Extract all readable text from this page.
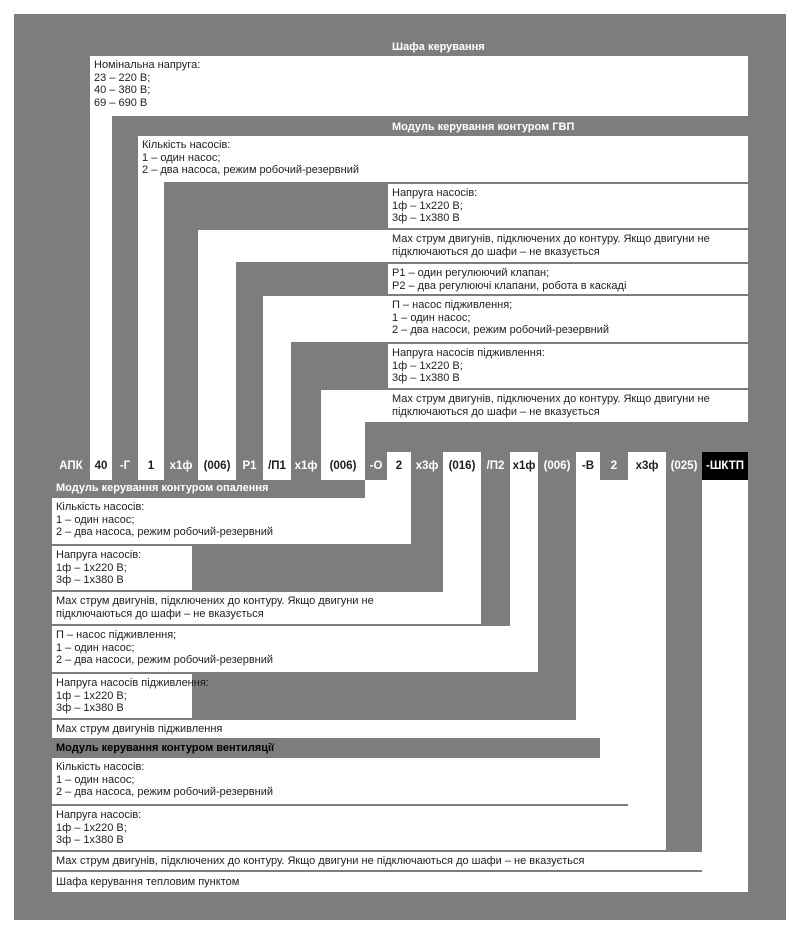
Шафа керування
Номінальна напруга:
23 – 220 В;
40 – 380 В;
69 – 690 В
Модуль керування контуром ГВП
Кількість насосів:
1 – один насос;
2 – два насоса, режим робочий-резервний
Напруга насосів:
1ф – 1х220 В;
3ф – 1х380 В
Мах струм двигунів, підключених до контуру. Якщо двигуни не
підключаються до шафи – не вказується
Р1 – один регулюючий клапан;
Р2 – два регулюючі клапани, робота в каскаді
П – насос підживлення;
1 – один насос;
2 – два насоси, режим робочий-резервний
Напруга насосів підживлення:
1ф – 1х220 В;
3ф – 1х380 В
Мах струм двигунів, підключених до контуру. Якщо двигуни не
підключаються до шафи – не вказується
АПК	40	-Г	1	х1ф (006)	Р1	/П1 х1ф	(006)	-О	2	х3ф (016) /П2 х1ф (006)	-В	2	х3ф	(025) -ШКТП
Модуль керування контуром опалення
Кількість насосів:
1 – один насос;
2 – два насоса, режим робочий-резервний
Напруга насосів:
1ф – 1х220 В;
3ф – 1х380 В
Мах струм двигунів, підключених до контуру. Якщо двигуни не
підключаються до шафи – не вказується
П – насос підживлення;
1 – один насос;
2 – два насоси, режим робочий-резервний
Напруга насосів підживлення:
1ф – 1х220 В;
3ф – 1х380 В
Мах струм двигунів підживлення
Модуль керування контуром вентиляції
Кількість насосів:
1 – один насос;
2 – два насоса, режим робочий-резервний
Напруга насосів:
1ф – 1х220 В;
3ф – 1х380 В
Мах струм двигунів, підключених до контуру. Якщо двигуни не підключаються до шафи – не вказується
Шафа керування тепловим пунктом
